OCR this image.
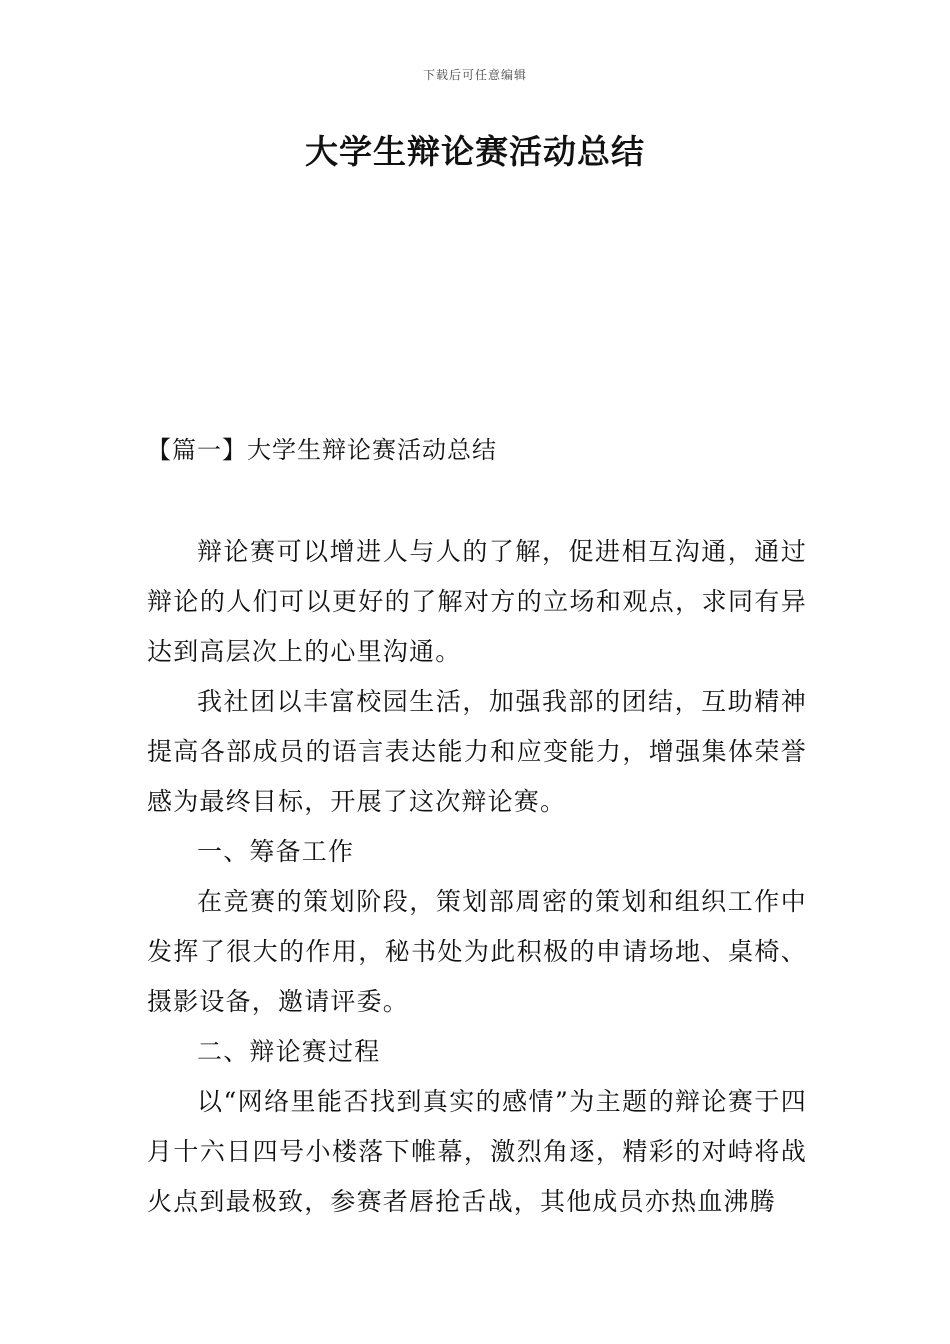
下载后可任意编辑
大学生辩论赛活动总结
【篇一】大学生辩论赛活动总结

辩论赛可以增进人与人的了解，促进相互沟通，通过辩论的人们可以更好的了解对方的立场和观点，求同有异达到高层次上的心里沟通。

我社团以丰富校园生活，加强我部的团结，互助精神提高各部成员的语言表达能力和应变能力，增强集体荣誉感为最终目标，开展了这次辩论赛。

一、筹备工作

在竞赛的策划阶段，策划部周密的策划和组织工作中发挥了很大的作用，秘书处为此积极的申请场地、桌椅、摄影设备，邀请评委。

二、辩论赛过程

以“网络里能否找到真实的感情”为主题的辩论赛于四月十六日四号小楼落下帷幕，激烈角逐，精彩的对峙将战火点到最极致，参赛者唇抢舌战，其他成员亦热血沸腾
